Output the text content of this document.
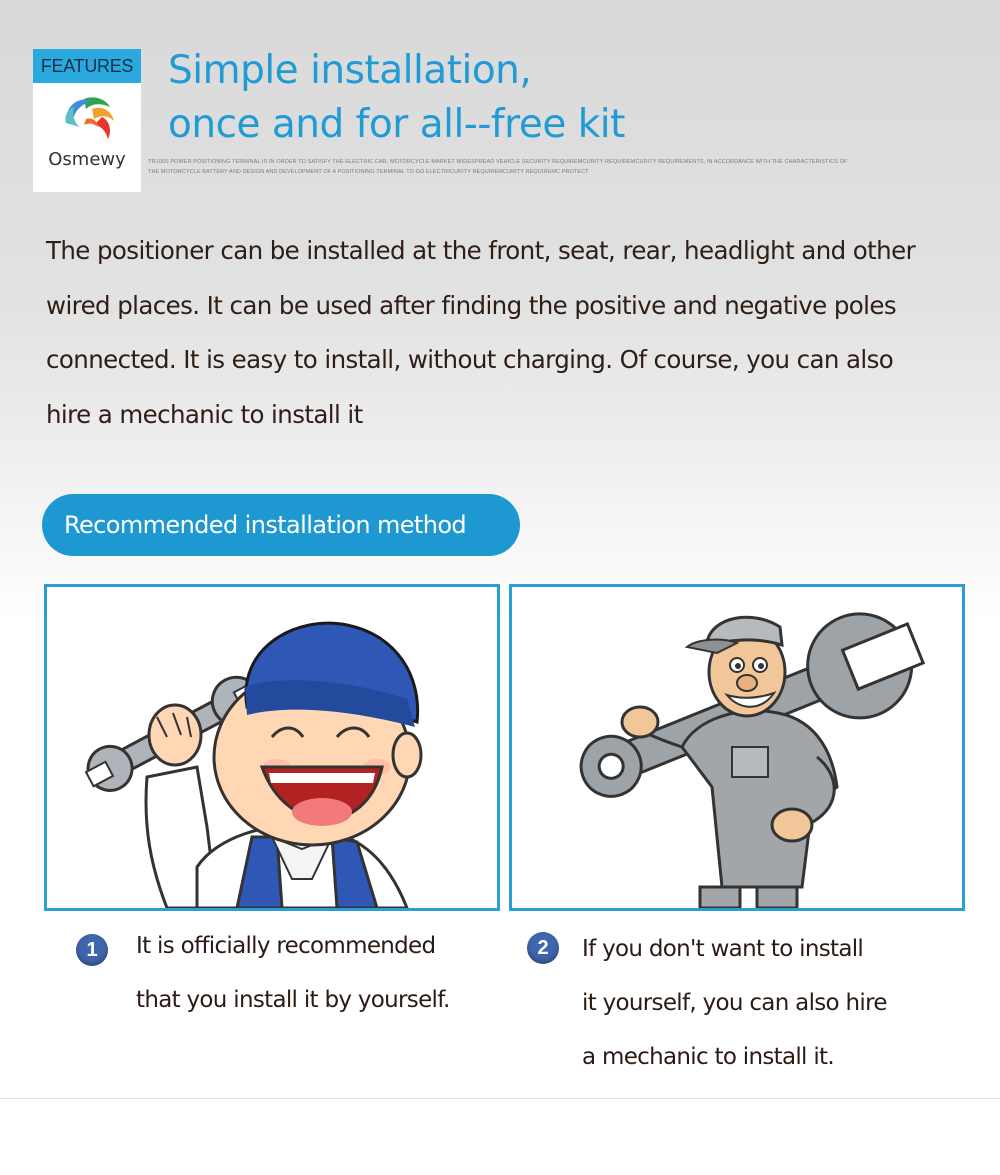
FEATURES
Osmewy
Simple installation,
once and for all--free kit
TR100S POWER POSITIONING TERMINAL IS IN ORDER TO SATISFY THE ELECTRIC CAR, MOTORCYCLE MARKET WIDESPREAD VEHICLE SECURITY REQUIREMCURITY REQUIREMCURITY REQUIREMENTS, IN ACCORDANCE WITH THE CHARACTERISTICS OF THE MOTORCYCLE BATTERY AND DESIGN AND DEVELOPMENT OF A POSITIONING TERMINAL TO GO ELECTRICURITY REQUIREMCURITY REQUIREMC PROTECT

The positioner can be installed at the front, seat, rear, headlight and other
wired places. It can be used after finding the positive and negative poles
connected. It is easy to install, without charging. Of course, you can also
hire a mechanic to install it

Recommended installation method
1	It is officially recommended
that you install it by yourself.

2	If you don't want to install
it yourself, you can also hire
a mechanic to install it.
